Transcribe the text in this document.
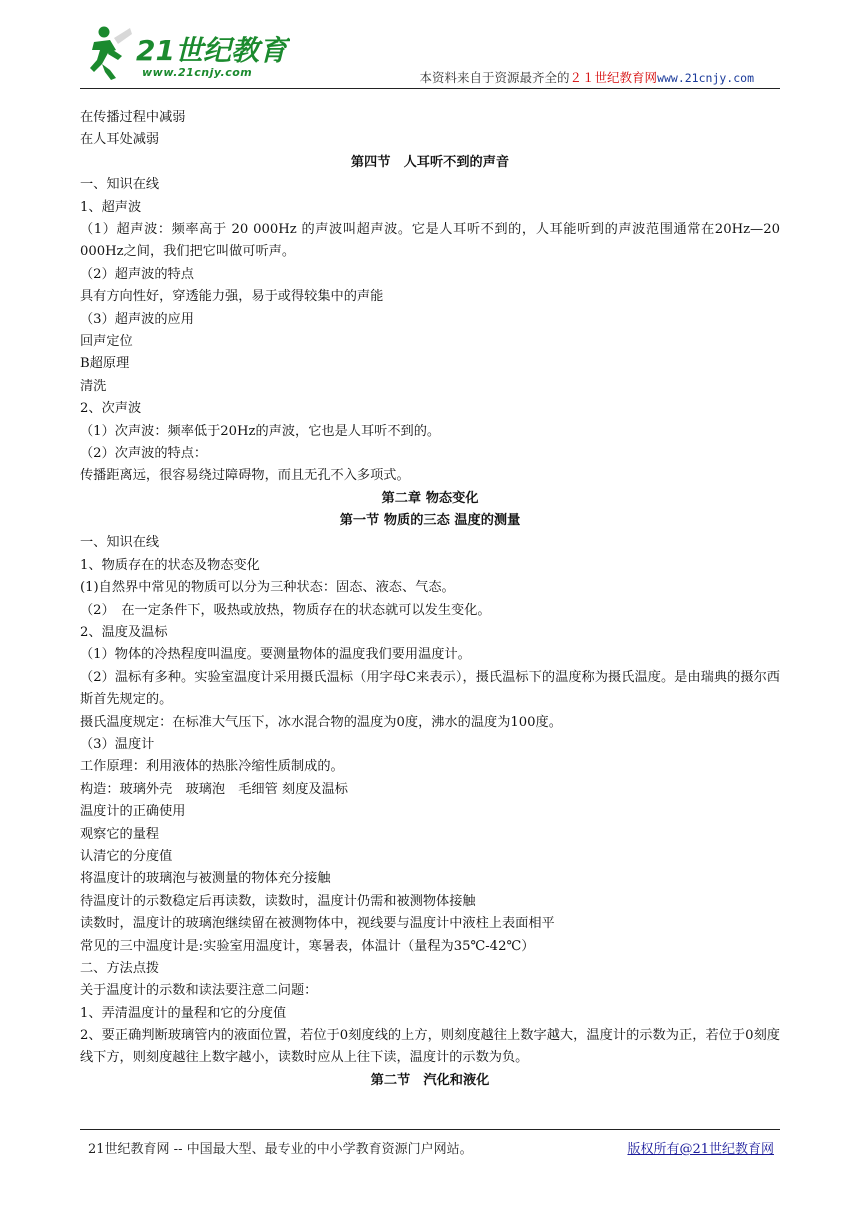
21世纪教育
www.21cnjy.com	本资料来自于资源最齐全的２１世纪教育网www.21cnjy.com
在传播过程中减弱
在人耳处减弱
第四节　人耳听不到的声音
一、知识在线
1、超声波
（1）超声波：频率高于 20 000Hz 的声波叫超声波。它是人耳听不到的，人耳能听到的声波范围通常在20Hz—20 000Hz之间，我们把它叫做可听声。
（2）超声波的特点
具有方向性好，穿透能力强，易于或得较集中的声能
（3）超声波的应用
回声定位
B超原理
清洗
2、次声波
（1）次声波：频率低于20Hz的声波，它也是人耳听不到的。
（2）次声波的特点：
传播距离远，很容易绕过障碍物，而且无孔不入多项式。
第二章 物态变化
第一节 物质的三态 温度的测量
一、知识在线
1、物质存在的状态及物态变化
(1)自然界中常见的物质可以分为三种状态：固态、液态、气态。
（2）　在一定条件下，吸热或放热，物质存在的状态就可以发生变化。
2、温度及温标
（1）物体的冷热程度叫温度。要测量物体的温度我们要用温度计。
（2）温标有多种。实验室温度计采用摄氏温标（用字母C来表示），摄氏温标下的温度称为摄氏温度。是由瑞典的摄尔西斯首先规定的。
摄氏温度规定：在标准大气压下，冰水混合物的温度为0度，沸水的温度为100度。
（3）温度计
工作原理：利用液体的热胀冷缩性质制成的。
构造：玻璃外壳　玻璃泡　毛细管 刻度及温标
温度计的正确使用
观察它的量程
认清它的分度值
将温度计的玻璃泡与被测量的物体充分接触
待温度计的示数稳定后再读数，读数时，温度计仍需和被测物体接触
读数时，温度计的玻璃泡继续留在被测物体中，视线要与温度计中液柱上表面相平
常见的三中温度计是:实验室用温度计，寒暑表，体温计（量程为35℃-42℃）
二、方法点拨
关于温度计的示数和读法要注意二问题：
1、弄清温度计的量程和它的分度值
2、要正确判断玻璃管内的液面位置，若位于0刻度线的上方，则刻度越往上数字越大，温度计的示数为正，若位于0刻度线下方，则刻度越往上数字越小，读数时应从上往下读，温度计的示数为负。
第二节　汽化和液化
21世纪教育网 -- 中国最大型、最专业的中小学教育资源门户网站。	版权所有@21世纪教育网
